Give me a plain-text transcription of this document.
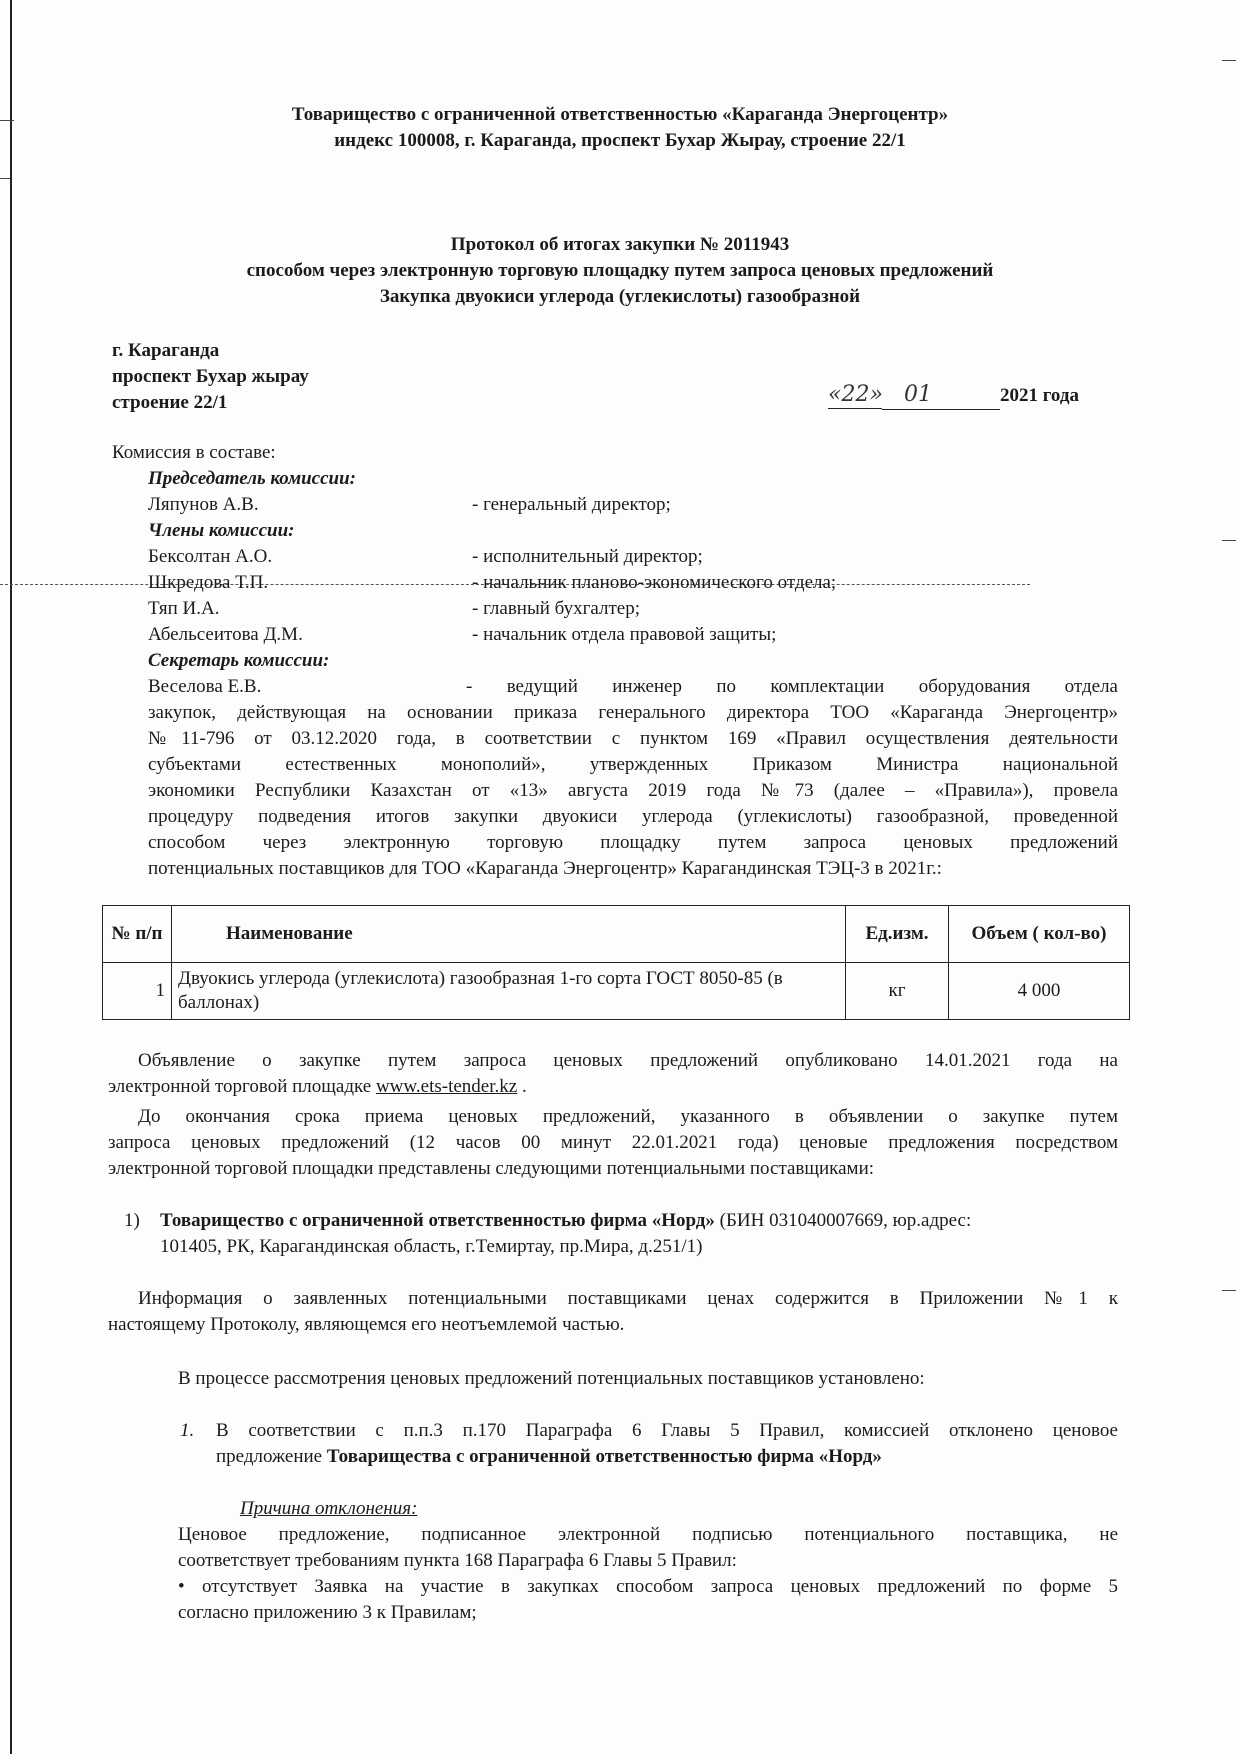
Товарищество с ограниченной ответственностью «Караганда Энергоцентр»
индекс 100008, г. Караганда, проспект Бухар Жырау, строение 22/1
Протокол об итогах закупки № 2011943
способом через электронную торговую площадку путем запроса ценовых предложений
Закупка двуокиси углерода (углекислоты) газообразной
г. Караганда
проспект Бухар жырау
строение 22/1	«22» 01	2021 года
Комиссия в составе:
Председатель комиссии:
Ляпунов А.В.	- генеральный директор;
Члены комиссии:
Бексолтан А.О.	- исполнительный директор;
Шкредова Т.П.	- начальник планово-экономического отдела;
Тяп И.А.	- главный бухгалтер;
Абельсеитова Д.М.	- начальник отдела правовой защиты;
Секретарь комиссии:
Веселова Е.В.	- ведущий инженер по комплектации оборудования отдела
закупок, действующая на основании приказа генерального директора ТОО «Караганда Энергоцентр»
№11-796 от 03.12.2020 года, в соответствии с пунктом 169 «Правил осуществления деятельности
субъектами естественных монополий», утвержденных Приказом Министра национальной
экономики Республики Казахстан от «13» августа 2019 года №73 (далее – «Правила»), провела
процедуру подведения итогов закупки двуокиси углерода (углекислоты) газообразной, проведенной
способом через электронную торговую площадку путем запроса ценовых предложений
потенциальных поставщиков для ТОО «Караганда Энергоцентр» Карагандинская ТЭЦ-3 в 2021г.:
№ п/п	Наименование	Ед.изм.	Объем ( кол-во)
1	Двуокись углерода (углекислота) газообразная 1-го сорта ГОСТ 8050-85 (в баллонах)	кг	4 000
Объявление о закупке путем запроса ценовых предложений опубликовано 14.01.2021 года на
электронной торговой площадке www.ets-tender.kz .
До окончания срока приема ценовых предложений, указанного в объявлении о закупке путем
запроса ценовых предложений (12 часов 00 минут 22.01.2021 года) ценовые предложения посредством
электронной торговой площадки представлены следующими потенциальными поставщиками:
1) Товарищество с ограниченной ответственностью фирма «Норд» (БИН 031040007669, юр.адрес:
101405, РК, Карагандинская область, г.Темиртау, пр.Мира, д.251/1)
Информация о заявленных потенциальными поставщиками ценах содержится в Приложении №1 к
настоящему Протоколу, являющемся его неотъемлемой частью.
В процессе рассмотрения ценовых предложений потенциальных поставщиков установлено:
1. В соответствии с п.п.3 п.170 Параграфа 6 Главы 5 Правил, комиссией отклонено ценовое
предложение Товарищества с ограниченной ответственностью фирма «Норд»
Причина отклонения:
Ценовое предложение, подписанное электронной подписью потенциального поставщика, не
соответствует требованиям пункта 168 Параграфа 6 Главы 5 Правил:
• отсутствует Заявка на участие в закупках способом запроса ценовых предложений по форме 5
согласно приложению 3 к Правилам;
